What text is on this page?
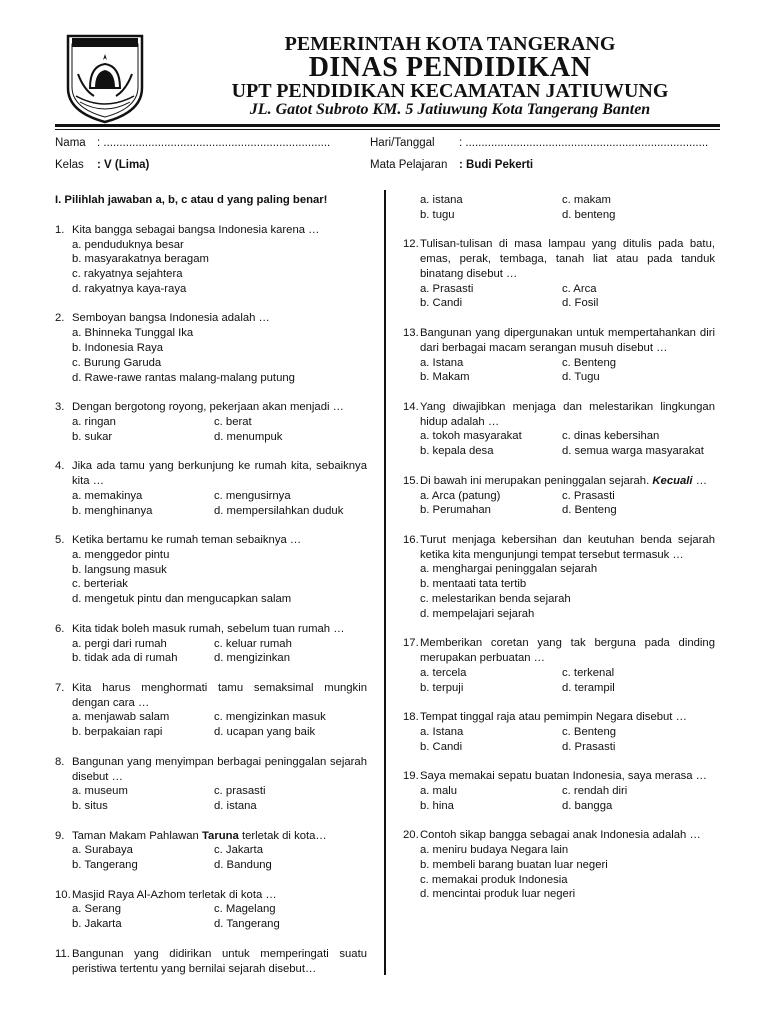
PEMERINTAH KOTA TANGERANG
DINAS PENDIDIKAN
UPT PENDIDIKAN KECAMATAN JATIUWUNG
JL. Gatot Subroto KM. 5 Jatiuwung Kota Tangerang Banten
Nama : .......................................................................
Kelas : V (Lima)
Hari/Tanggal : ............................................................................
Mata Pelajaran : Budi Pekerti
I. Pilihlah jawaban a, b, c atau d yang paling benar!
1. Kita bangga sebagai bangsa Indonesia karena …
a. penduduknya besar
b. masyarakatnya beragam
c. rakyatnya sejahtera
d. rakyatnya kaya-raya
2. Semboyan bangsa Indonesia adalah …
a. Bhinneka Tunggal Ika
b. Indonesia Raya
c. Burung Garuda
d. Rawe-rawe rantas malang-malang putung
3. Dengan bergotong royong, pekerjaan akan menjadi …
a. ringan	c. berat
b. sukar	d. menumpuk
4. Jika ada tamu yang berkunjung ke rumah kita, sebaiknya kita …
a. memakinya	c. mengusirnya
b. menghinanya	d. mempersilahkan duduk
5. Ketika bertamu ke rumah teman sebaiknya …
a. menggedor pintu
b. langsung masuk
c. berteriak
d. mengetuk pintu dan mengucapkan salam
6. Kita tidak boleh masuk rumah, sebelum tuan rumah …
a. pergi dari rumah	c. keluar rumah
b. tidak ada di rumah	d. mengizinkan
7. Kita harus menghormati tamu semaksimal mungkin dengan cara …
a. menjawab salam	c. mengizinkan masuk
b. berpakaian rapi	d. ucapan yang baik
8. Bangunan yang menyimpan berbagai peninggalan sejarah disebut …
a. museum	c. prasasti
b. situs	d. istana
9. Taman Makam Pahlawan Taruna terletak di kota…
a. Surabaya	c. Jakarta
b. Tangerang	d. Bandung
10. Masjid Raya Al-Azhom terletak di kota …
a. Serang	c. Magelang
b. Jakarta	d. Tangerang
11. Bangunan yang didirikan untuk memperingati suatu peristiwa tertentu yang bernilai sejarah disebut…
a. istana	c. makam
b. tugu	d. benteng
12. Tulisan-tulisan di masa lampau yang ditulis pada batu, emas, perak, tembaga, tanah liat atau pada tanduk binatang disebut …
a. Prasasti	c. Arca
b. Candi	d. Fosil
13. Bangunan yang dipergunakan untuk mempertahankan diri dari berbagai macam serangan musuh disebut …
a. Istana	c. Benteng
b. Makam	d. Tugu
14. Yang diwajibkan menjaga dan melestarikan lingkungan hidup adalah …
a. tokoh masyarakat	c. dinas kebersihan
b. kepala desa	d. semua warga masyarakat
15. Di bawah ini merupakan peninggalan sejarah. Kecuali …
a. Arca (patung)	c. Prasasti
b. Perumahan	d. Benteng
16. Turut menjaga kebersihan dan keutuhan benda sejarah ketika kita mengunjungi tempat tersebut termasuk …
a. menghargai peninggalan sejarah
b. mentaati tata tertib
c. melestarikan benda sejarah
d. mempelajari sejarah
17. Memberikan coretan yang tak berguna pada dinding merupakan perbuatan …
a. tercela	c. terkenal
b. terpuji	d. terampil
18. Tempat tinggal raja atau pemimpin Negara disebut …
a. Istana	c. Benteng
b. Candi	d. Prasasti
19. Saya memakai sepatu buatan Indonesia, saya merasa …
a. malu	c. rendah diri
b. hina	d. bangga
20. Contoh sikap bangga sebagai anak Indonesia adalah …
a. meniru budaya Negara lain
b. membeli barang buatan luar negeri
c. memakai produk Indonesia
d. mencintai produk luar negeri
